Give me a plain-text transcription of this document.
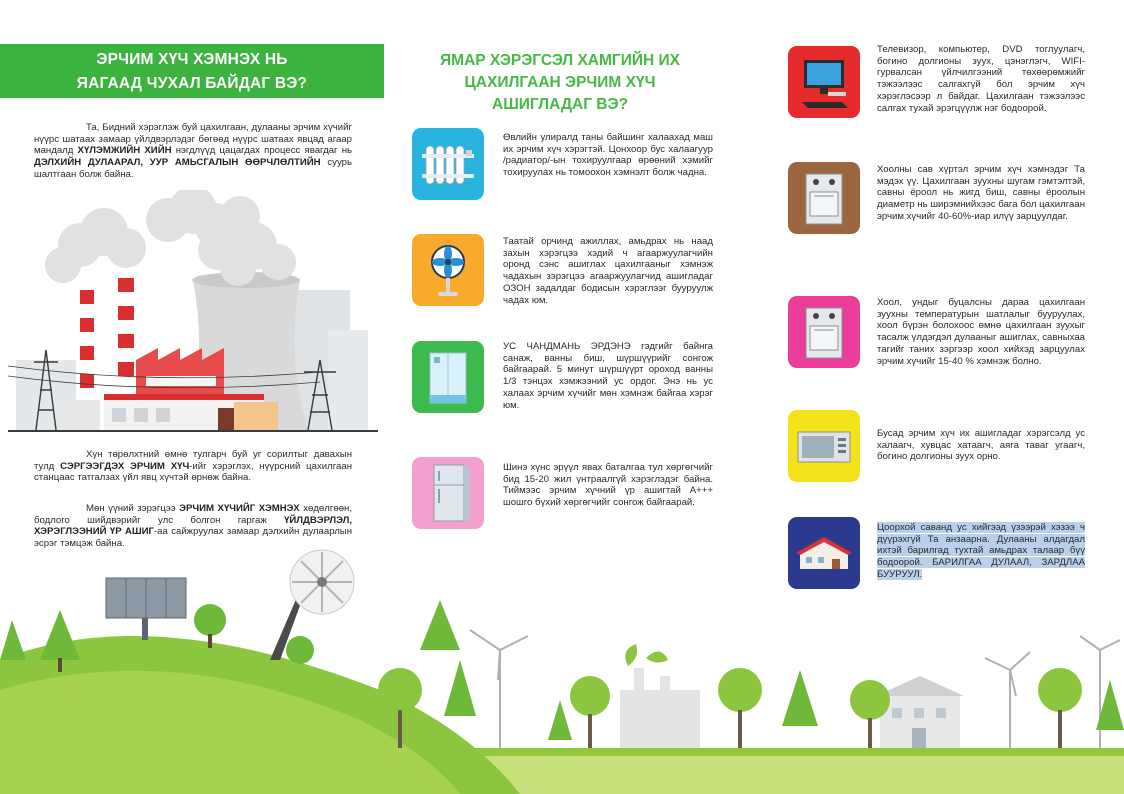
ЭРЧИМ ХҮЧ ХЭМНЭХ НЬ
ЯАГААД ЧУХАЛ БАЙДАГ ВЭ?
Та, Бидний хэрэглэж буй цахилгаан, дулааны эрчим хүчийг нүүрс шатаах замаар үйлдвэрлэдэг бөгөөд нүүрс шатаах явцад агаар мандалд ХҮЛЭМЖИЙН ХИЙН нэгдлүүд цацагдах процесс явагдаг нь ДЭЛХИЙН ДУЛААРАЛ, УУР АМЬСГАЛЫН ӨӨРЧЛӨЛТИЙН суурь шалтгаан болж байна.
Хүн төрөлхтний өмнө тулгарч буй уг сорилтыг давахын тулд СЭРГЭЭГДЭХ ЭРЧИМ ХҮЧ-ийг хэрэглэх, нүүрсний цахилгаан станцаас татгалзах үйл явц хүчтэй өрнөж байна.
Мөн үүний зэрэгцээ ЭРЧИМ ХҮЧИЙГ ХЭМНЭХ хөдөлгөөн, бодлого шийдвэрийг улс болгон гаргаж ҮЙЛДВЭРЛЭЛ, ХЭРЭГЛЭЭНИЙ ҮР АШИГ-аа сайжруулах замаар дэлхийн дулаарлын эсрэг тэмцэж байна.
ЯМАР ХЭРЭГСЭЛ ХАМГИЙН ИХ
ЦАХИЛГААН ЭРЧИМ ХҮЧ
АШИГЛАДАГ ВЭ?
Өвлийн улиралд таны байшинг халаахад маш их эрчим хүч хэрэгтэй. Цонхоор бус халаагуур /радиатор/-ын тохируулгаар өрөөний хэмийг тохируулах нь томоохон хэмнэлт болж чадна.
Таатай орчинд ажиллах, амьдрах нь наад захын хэрэгцээ хэдий ч агааржуулагчийн оронд сэнс ашиглах цахилгааныг хэмнэж чадахын зэрэгцээ агааржуулагчид ашигладаг ОЗОН задалдаг бодисын хэрэглээг бууруулж чадах юм.
УС ЧАНДМАНЬ ЭРДЭНЭ гэдгийг байнга санаж, ванны биш, шүршүүрийг сонгож байгаарай. 5 минут шүршүүрт ороход ванны 1/3 тэнцэх хэмжээний ус ордог. Энэ нь ус халаах эрчим хүчийг мөн хэмнэж байгаа хэрэг юм.
Шинэ хүнс эрүүл явах баталгаа тул хөргөгчийг бид 15-20 жил үнтраалгүй хэрэглэдэг байна. Тиймээс эрчим хүчний үр ашигтай А+++ шошго бүхий хөргөгчийг сонгож байгаарай.
Телевизор, компьютер, DVD тоглуулагч, богино долгионы зуух, цэнэглэгч, WIFI-гурвалсан үйлчилгээний төхөөрөмжийг тэжээлээс салгахгүй бол эрчим хүч хэрэглэсээр л байдаг. Цахилгаан тэжээлээс салгах тухай эрэгцүүлж нэг бодоорой.
Хоолны сав хүртэл эрчим хүч хэмнэдэг Та мэдэх үү. Цахилгаан зуухны шугам гэмтэлтэй, савны ёроол нь жигд биш, савны ёроолын диаметр нь ширэмнийхээс бага бол цахилгаан эрчим хүчийг 40-60%-иар илүү зарцуулдаг.
Хоол, ундыг буцалсны дараа цахилгаан зуухны температурын шатлалыг бууруулах, хоол бүрэн болохоос өмнө цахилгаан зуухыг тасалж үлдэгдэл дулааныг ашиглах, савныхаа тагийг таних зэргээр хоол хийхэд зарцуулах эрчим хүчийг 15-40 % хэмнэж болно.
Бусад эрчим хүч их ашигладаг хэрэгсэлд ус халаагч, хувцас хатаагч, аяга таваг угаагч, богино долгионы зуух орно.
Цоорхой саванд ус хийгээд үзээрэй хэзээ ч дүүрэхгүй Та анзаарна. Дулааны алдагдал ихтэй барилгад тухтай амьдрах талаар бүү бодоорой. БАРИЛГАА ДУЛААЛ, ЗАРДЛАА БУУРУУЛ.
